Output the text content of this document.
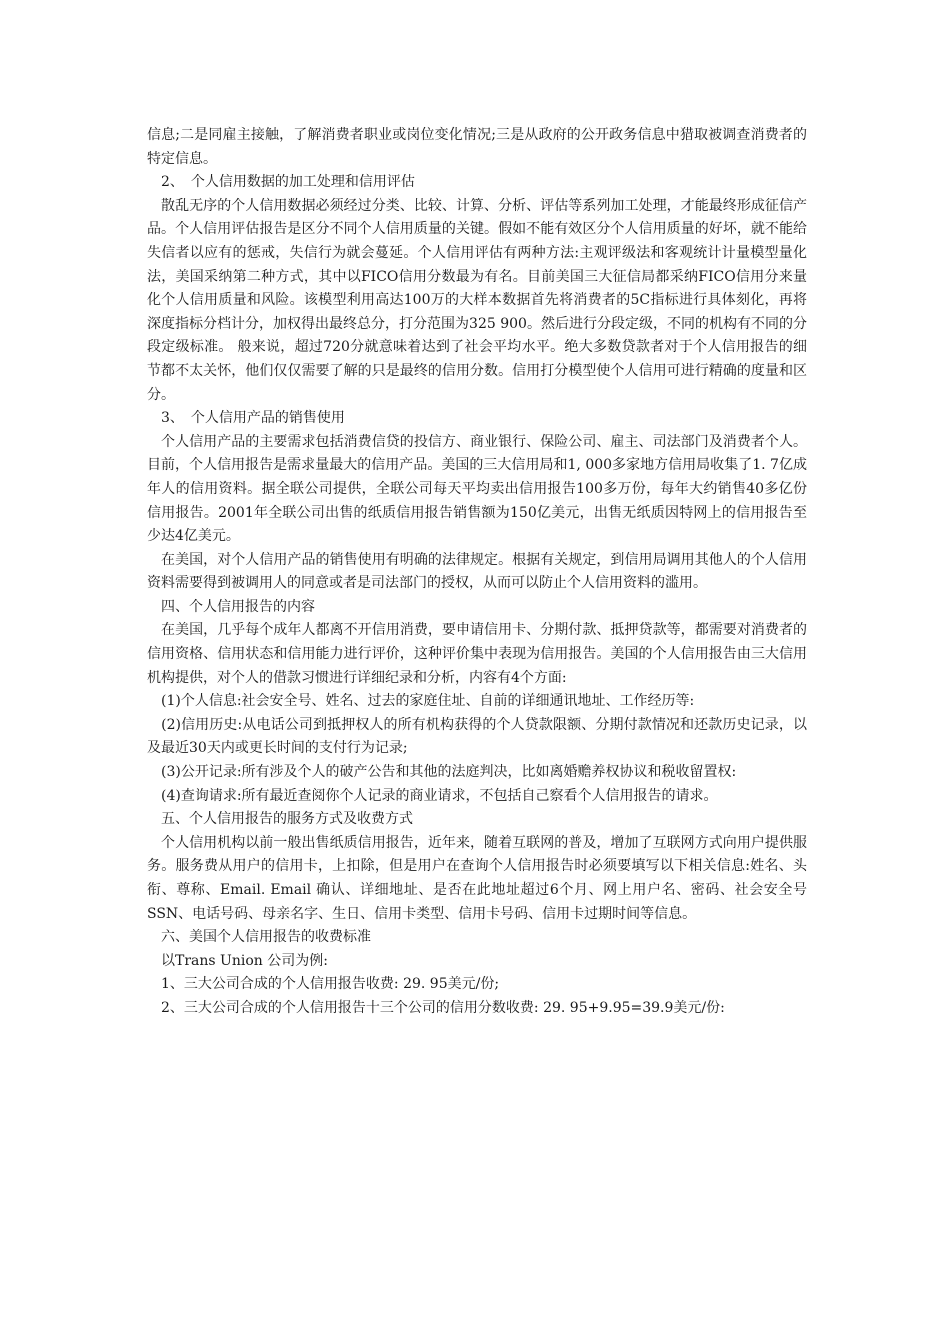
信息;二是同雇主接触，了解消费者职业或岗位变化情况;三是从政府的公开政务信息中猎取被调查消费者的特定信息。

　2、　个人信用数据的加工处理和信用评估

　散乱无序的个人信用数据必须经过分类、比较、计算、分析、评估等系列加工处理，才能最终形成征信产品。个人信用评估报告是区分不同个人信用质量的关键。假如不能有效区分个人信用质量的好坏，就不能给失信者以应有的惩戒，失信行为就会蔓延。个人信用评估有两种方法:主观评级法和客观统计计量模型量化法，美国采纳第二种方式，其中以FICO信用分数最为有名。目前美国三大征信局都采纳FICO信用分来量化个人信用质量和风险。该模型利用高达100万的大样本数据首先将消费者的5C指标进行具体刻化，再将深度指标分档计分，加权得出最终总分，打分范围为325 900。然后进行分段定级，不同的机构有不同的分段定级标准。 般来说，超过720分就意味着达到了社会平均水平。绝大多数贷款者对于个人信用报告的细节都不太关怀，他们仅仅需要了解的只是最终的信用分数。信用打分模型使个人信用可进行精确的度量和区分。

　3、　个人信用产品的销售使用

　个人信用产品的主要需求包括消费信贷的投信方、商业银行、保险公司、雇主、司法部门及消费者个人。目前，个人信用报告是需求量最大的信用产品。美国的三大信用局和1, 000多家地方信用局收集了1. 7亿成年人的信用资料。据全联公司提供，全联公司每天平均卖出信用报告100多万份，每年大约销售40多亿份信用报告。2001年全联公司出售的纸质信用报告销售额为150亿美元，出售无纸质因特网上的信用报告至少达4亿美元。

　在美国，对个人信用产品的销售使用有明确的法律规定。根据有关规定，到信用局调用其他人的个人信用资料需要得到被调用人的同意或者是司法部门的授权，从而可以防止个人信用资料的滥用。

　四、个人信用报告的内容

　在美国，几乎每个成年人都离不开信用消费，要申请信用卡、分期付款、抵押贷款等，都需要对消费者的信用资格、信用状态和信用能力进行评价，这种评价集中表现为信用报告。美国的个人信用报告由三大信用机构提供，对个人的借款习惯进行详细纪录和分析，内容有4个方面:

　(1)个人信息:社会安全号、姓名、过去的家庭住址、自前的详细通讯地址、工作经历等:

　(2)信用历史:从电话公司到抵押权人的所有机构获得的个人贷款限额、分期付款情况和还款历史记录，以及最近30天内或更长时间的支付行为记录;

　(3)公开记录:所有涉及个人的破产公告和其他的法庭判决，比如离婚赡养权协议和税收留置权:

　(4)查询请求:所有最近查阅你个人记录的商业请求，不包括自己察看个人信用报告的请求。

　五、个人信用报告的服务方式及收费方式

　个人信用机构以前一般出售纸质信用报告，近年来，随着互联网的普及，增加了互联网方式向用户提供服务。服务费从用户的信用卡，上扣除，但是用户在查询个人信用报告时必须要填写以下相关信息:姓名、头衔、尊称、Email. Email 确认、详细地址、是否在此地址超过6个月、网上用户名、密码、社会安全号SSN、电话号码、母亲名字、生日、信用卡类型、信用卡号码、信用卡过期时间等信息。

　六、美国个人信用报告的收费标准

　以Trans Union 公司为例:

　1、三大公司合成的个人信用报告收费: 29. 95美元/份;

　2、三大公司合成的个人信用报告十三个公司的信用分数收费: 29. 95+9.95=39.9美元/份:
